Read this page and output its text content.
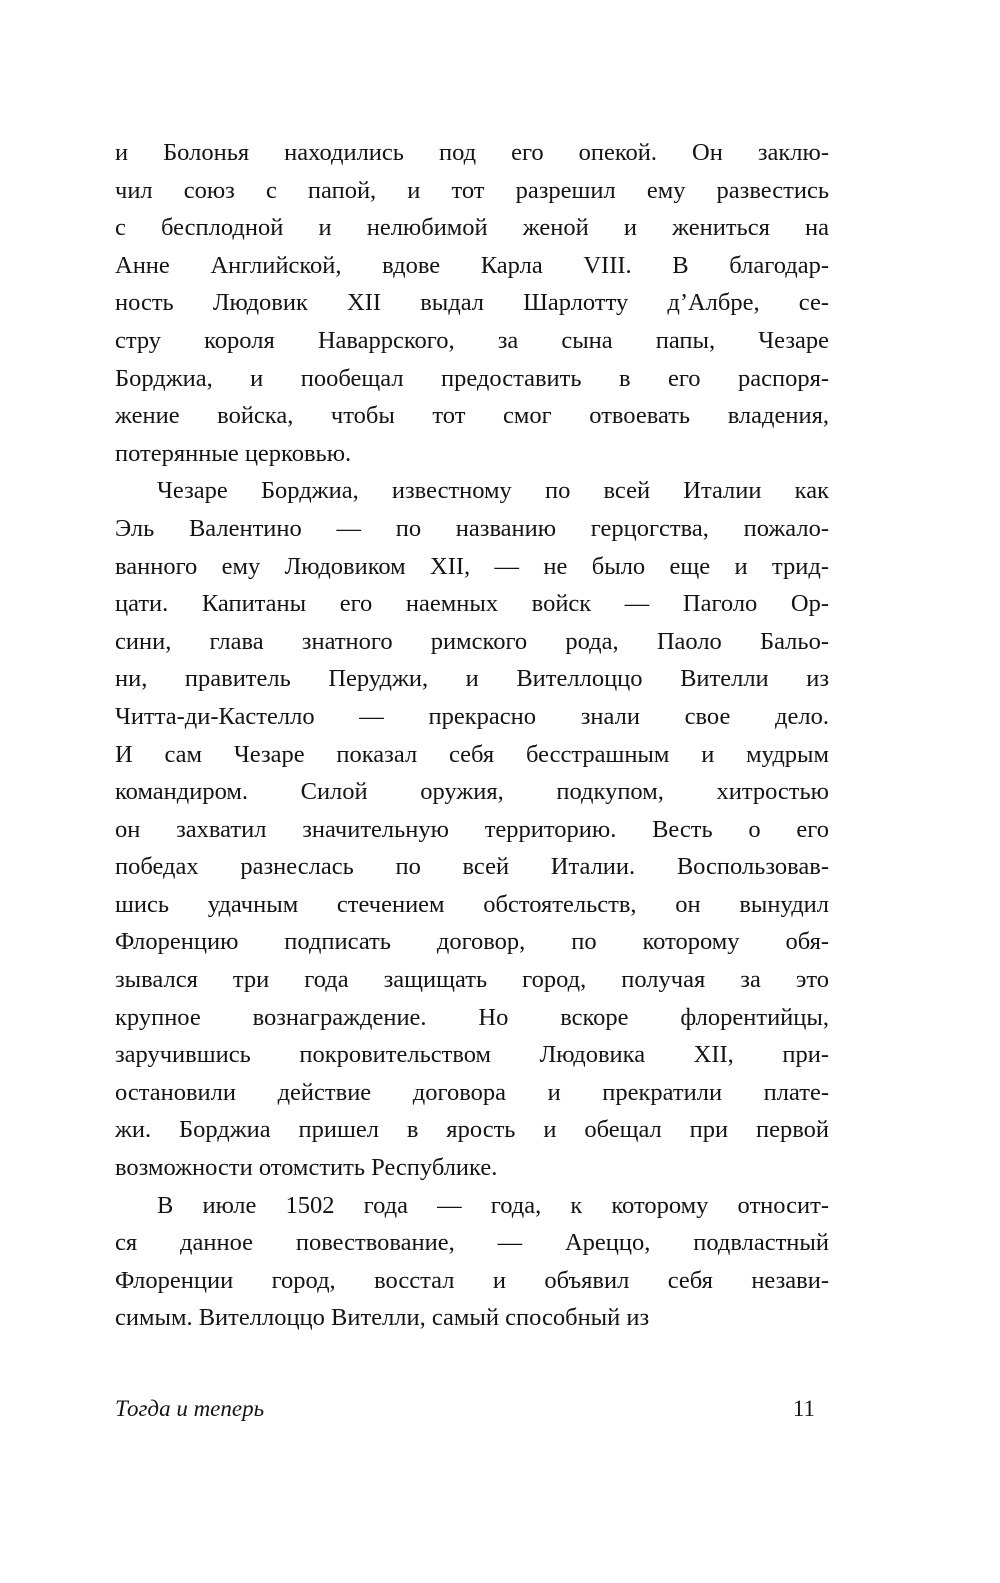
и Болонья находились под его опекой. Он заклю-
чил союз с папой, и тот разрешил ему развестись
с бесплодной и нелюбимой женой и жениться на
Анне Английской, вдове Карла VIII. В благодар-
ность Людовик XII выдал Шарлотту д’Албре, се-
стру короля Наваррского, за сына папы, Чезаре
Борджиа, и пообещал предоставить в его распоря-
жение войска, чтобы тот смог отвоевать владения,
потерянные церковью.
Чезаре Борджиа, известному по всей Италии как
Эль Валентино — по названию герцогства, пожало-
ванного ему Людовиком XII, — не было еще и трид-
цати. Капитаны его наемных войск — Паголо Ор-
сини, глава знатного римского рода, Паоло Бальо-
ни, правитель Перуджи, и Вителлоццо Вителли из
Читта-ди-Кастелло — прекрасно знали свое дело.
И сам Чезаре показал себя бесстрашным и мудрым
командиром. Силой оружия, подкупом, хитростью
он захватил значительную территорию. Весть о его
победах разнеслась по всей Италии. Воспользовав-
шись удачным стечением обстоятельств, он вынудил
Флоренцию подписать договор, по которому обя-
зывался три года защищать город, получая за это
крупное вознаграждение. Но вскоре флорентийцы,
заручившись покровительством Людовика XII, при-
остановили действие договора и прекратили плате-
жи. Борджиа пришел в ярость и обещал при первой
возможности отомстить Республике.
В июле 1502 года — года, к которому относит-
ся данное повествование, — Ареццо, подвластный
Флоренции город, восстал и объявил себя незави-
симым. Вителлоццо Вителли, самый способный из
Тогда и теперь	11
